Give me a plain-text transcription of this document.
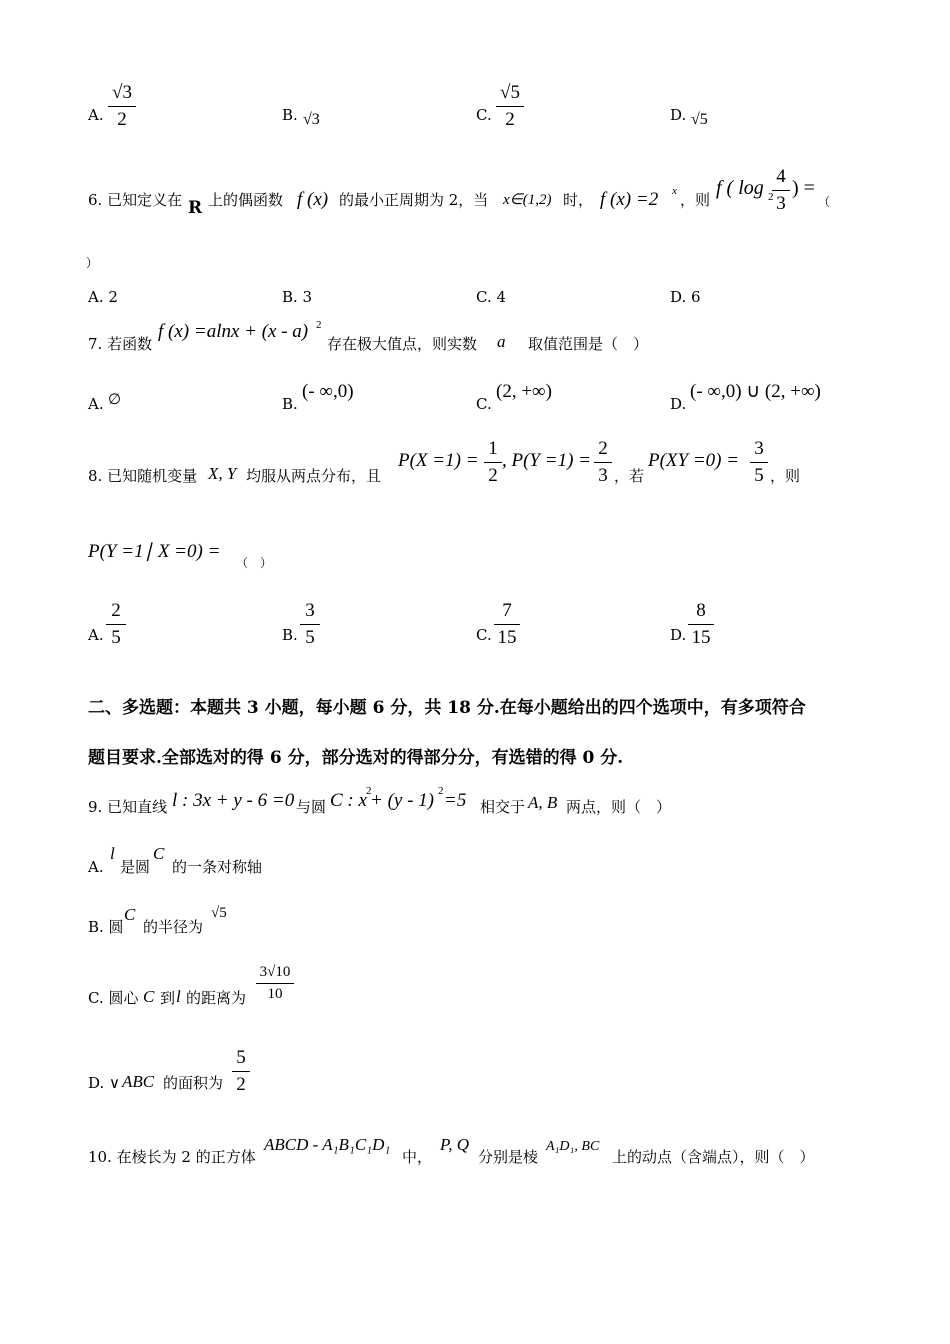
A.
√3
2	B. √3	C.
√5
2	D. √5
6. 已知定义在 R 上的偶函数 f (x) 的最小正周期为 2，当 x∈(1,2) 时， f (x) =2 x ，则
f ( log 2
4
3
) =
（
）
A. 2	B. 3	C. 4	D. 6
7. 若函数
f (x) =alnx + (x - a) 2
存在极大值点，则实数 a 取值范围是（　）
A. ∅	B.
(- ∞,0)
C.
(2, +∞)
D.
(- ∞,0) ∪ (2, +∞)
8. 已知随机变量 X, Y 均服从两点分布，且
P(X =1) =
1
2
, P(Y =1) =
2
3 ，若
P(XY =0) =
3
5 ，则
P(Y =1∣ X =0) =
（　）
A.
2
5	B.
3
5	C.
7
15	D.
8
15
二、多选题：本题共 3 小题，每小题 6 分，共 18 分.在每小题给出的四个选项中，有多项符合
题目要求.全部选对的得 6 分，部分选对的得部分分，有选错的得 0 分.
9. 已知直线 l : 3x + y - 6 =0 与圆 C : x 2
+ (y - 1) 2 =5 相交于 A, B 两点，则（　）
A.
l
是圆
C
的一条对称轴
B. 圆
C
的半径为
√5
C. 圆心 C 到 l 的距离为
3√10
10
D. ∨ ABC 的面积为
5
2
10. 在棱长为 2 的正方体
ABCD - A₁B₁C₁D₁
中，
P, Q
分别是棱
A₁D₁, BC
上的动点（含端点），则（　）
